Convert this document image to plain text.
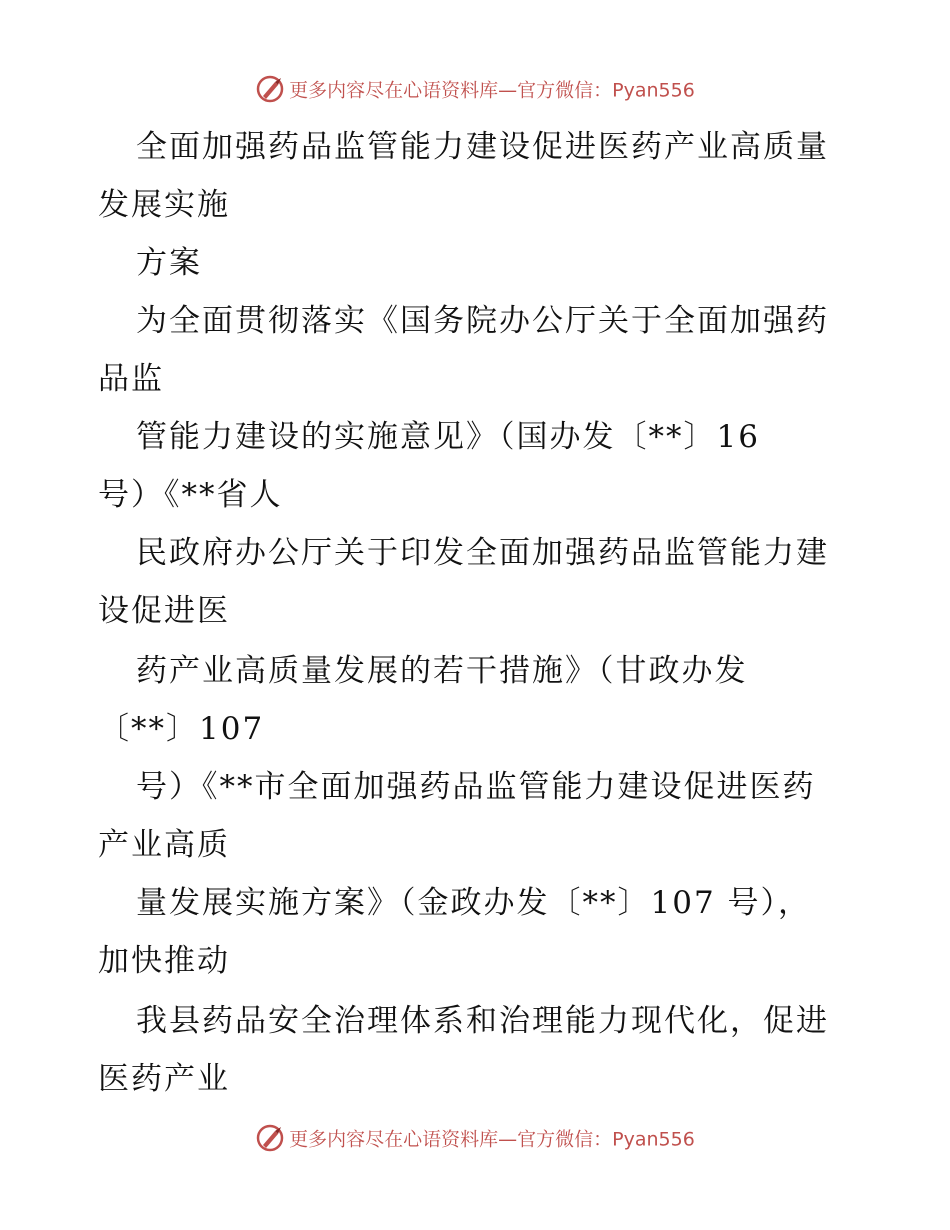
更多内容尽在心语资料库—官方微信：Pyan556
全面加强药品监管能力建设促进医药产业高质量
发展实施
方案
为全面贯彻落实《国务院办公厅关于全面加强药
品监
管能力建设的实施意见》（国办发〔**〕16
号）《**省人
民政府办公厅关于印发全面加强药品监管能力建
设促进医
药产业高质量发展的若干措施》（甘政办发
〔**〕107
号）《**市全面加强药品监管能力建设促进医药
产业高质
量发展实施方案》（金政办发〔**〕107 号），
加快推动
我县药品安全治理体系和治理能力现代化，促进
医药产业
更多内容尽在心语资料库—官方微信：Pyan556
